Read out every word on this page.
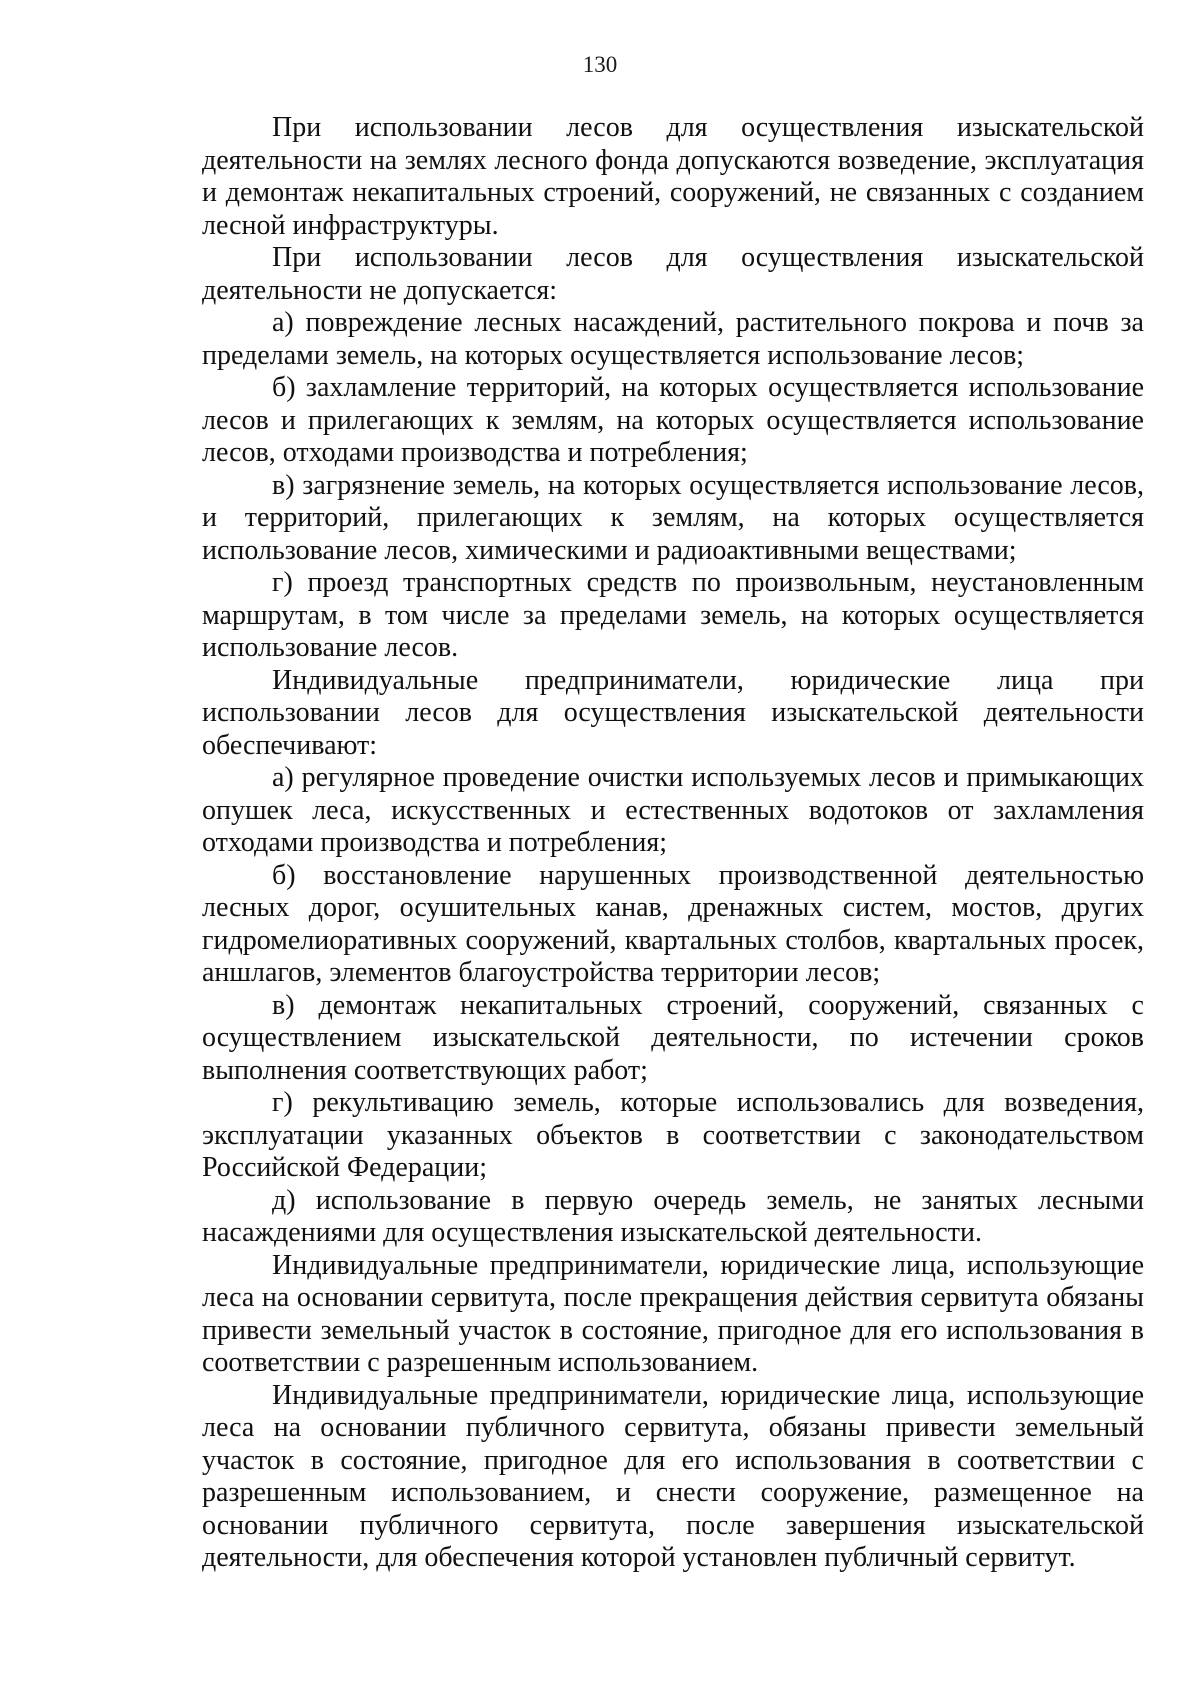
130

При использовании лесов для осуществления изыскательской деятельности на землях лесного фонда допускаются возведение, эксплуатация и демонтаж некапитальных строений, сооружений, не связанных с созданием лесной инфраструктуры.

При использовании лесов для осуществления изыскательской деятельности не допускается:

а) повреждение лесных насаждений, растительного покрова и почв за пределами земель, на которых осуществляется использование лесов;

б) захламление территорий, на которых осуществляется использование лесов и прилегающих к землям, на которых осуществляется использование лесов, отходами производства и потребления;

в) загрязнение земель, на которых осуществляется использование лесов, и территорий, прилегающих к землям, на которых осуществляется использование лесов, химическими и радиоактивными веществами;

г) проезд транспортных средств по произвольным, неустановленным маршрутам, в том числе за пределами земель, на которых осуществляется использование лесов.

Индивидуальные предприниматели, юридические лица при использовании лесов для осуществления изыскательской деятельности обеспечивают:

а) регулярное проведение очистки используемых лесов и примыкающих опушек леса, искусственных и естественных водотоков от захламления отходами производства и потребления;

б) восстановление нарушенных производственной деятельностью лесных дорог, осушительных канав, дренажных систем, мостов, других гидромелиоративных сооружений, квартальных столбов, квартальных просек, аншлагов, элементов благоустройства территории лесов;

в) демонтаж некапитальных строений, сооружений, связанных с осуществлением изыскательской деятельности, по истечении сроков выполнения соответствующих работ;

г) рекультивацию земель, которые использовались для возведения, эксплуатации указанных объектов в соответствии с законодательством Российской Федерации;

д) использование в первую очередь земель, не занятых лесными насаждениями для осуществления изыскательской деятельности.

Индивидуальные предприниматели, юридические лица, использующие леса на основании сервитута, после прекращения действия сервитута обязаны привести земельный участок в состояние, пригодное для его использования в соответствии с разрешенным использованием.

Индивидуальные предприниматели, юридические лица, использующие леса на основании публичного сервитута, обязаны привести земельный участок в состояние, пригодное для его использования в соответствии с разрешенным использованием, и снести сооружение, размещенное на основании публичного сервитута, после завершения изыскательской деятельности, для обеспечения которой установлен публичный сервитут.
